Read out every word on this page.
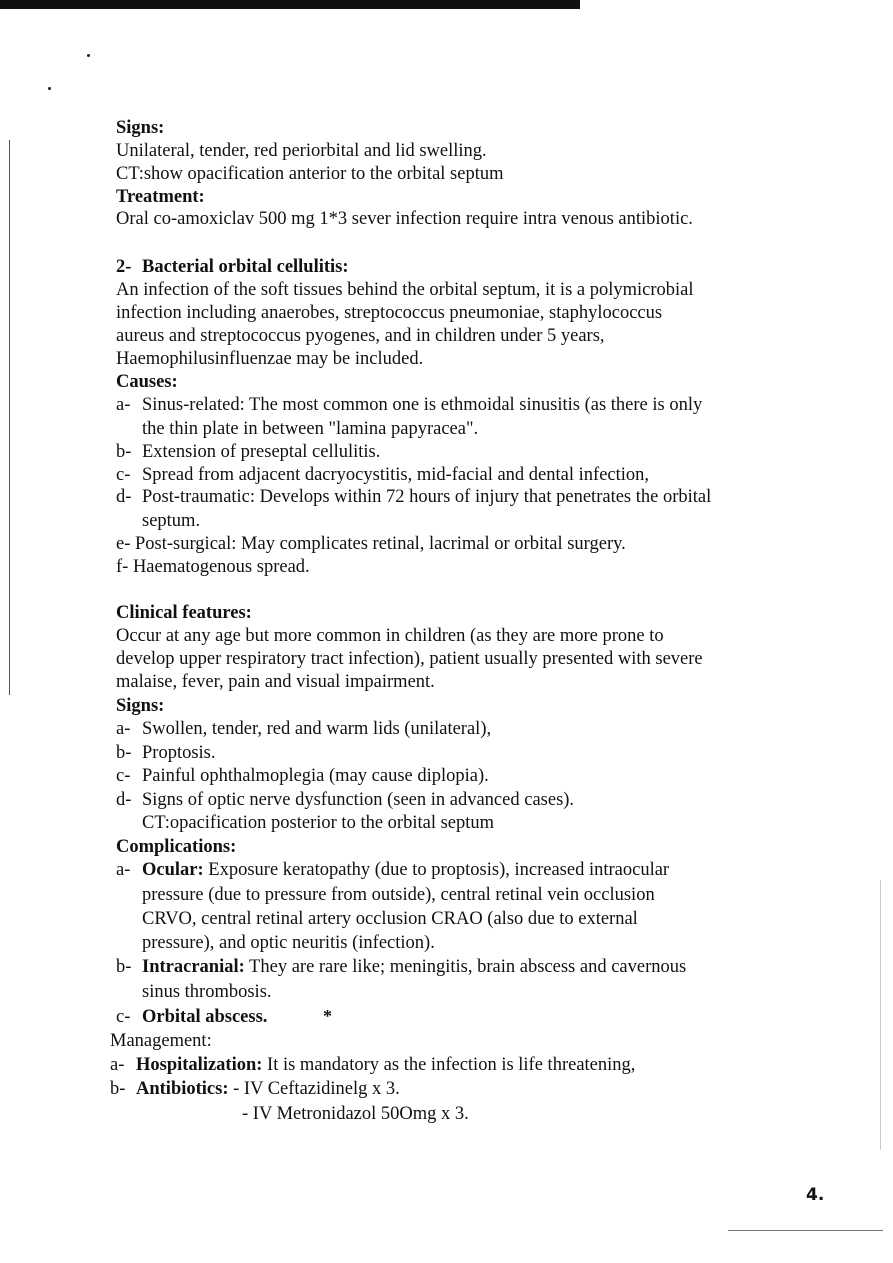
Signs:
Unilateral, tender, red periorbital and lid swelling.
CT:show opacification anterior to the orbital septum
Treatment:
Oral co-amoxiclav 500 mg 1*3 sever infection require intra venous antibiotic.
2- Bacterial orbital cellulitis:
An infection of the soft tissues behind the orbital septum, it is a polymicrobial
infection including anaerobes, streptococcus pneumoniae, staphylococcus
aureus and streptococcus pyogenes, and in children under 5 years,
Haemophilusinfluenzae may be included.
Causes:
a- Sinus-related: The most common one is ethmoidal sinusitis (as there is only
the thin plate in between "lamina papyracea".
b- Extension of preseptal cellulitis.
c- Spread from adjacent dacryocystitis, mid-facial and dental infection,
d- Post-traumatic: Develops within 72 hours of injury that penetrates the orbital
septum.
e- Post-surgical: May complicates retinal, lacrimal or orbital surgery.
f- Haematogenous spread.
Clinical features:
Occur at any age but more common in children (as they are more prone to
develop upper respiratory tract infection), patient usually presented with severe
malaise, fever, pain and visual impairment.
Signs:
a- Swollen, tender, red and warm lids (unilateral),
b- Proptosis.
c- Painful ophthalmoplegia (may cause diplopia).
d- Signs of optic nerve dysfunction (seen in advanced cases).
CT:opacification posterior to the orbital septum
Complications:
a- Ocular: Exposure keratopathy (due to proptosis), increased intraocular
pressure (due to pressure from outside), central retinal vein occlusion
CRVO, central retinal artery occlusion CRAO (also due to external
pressure), and optic neuritis (infection).
b- Intracranial: They are rare like; meningitis, brain abscess and cavernous
sinus thrombosis.
c- Orbital abscess.	*
Management:
a- Hospitalization: It is mandatory as the infection is life threatening,
b- Antibiotics: - IV Ceftazidinelg x 3.
- IV Metronidazol 50Omg x 3.
4.
